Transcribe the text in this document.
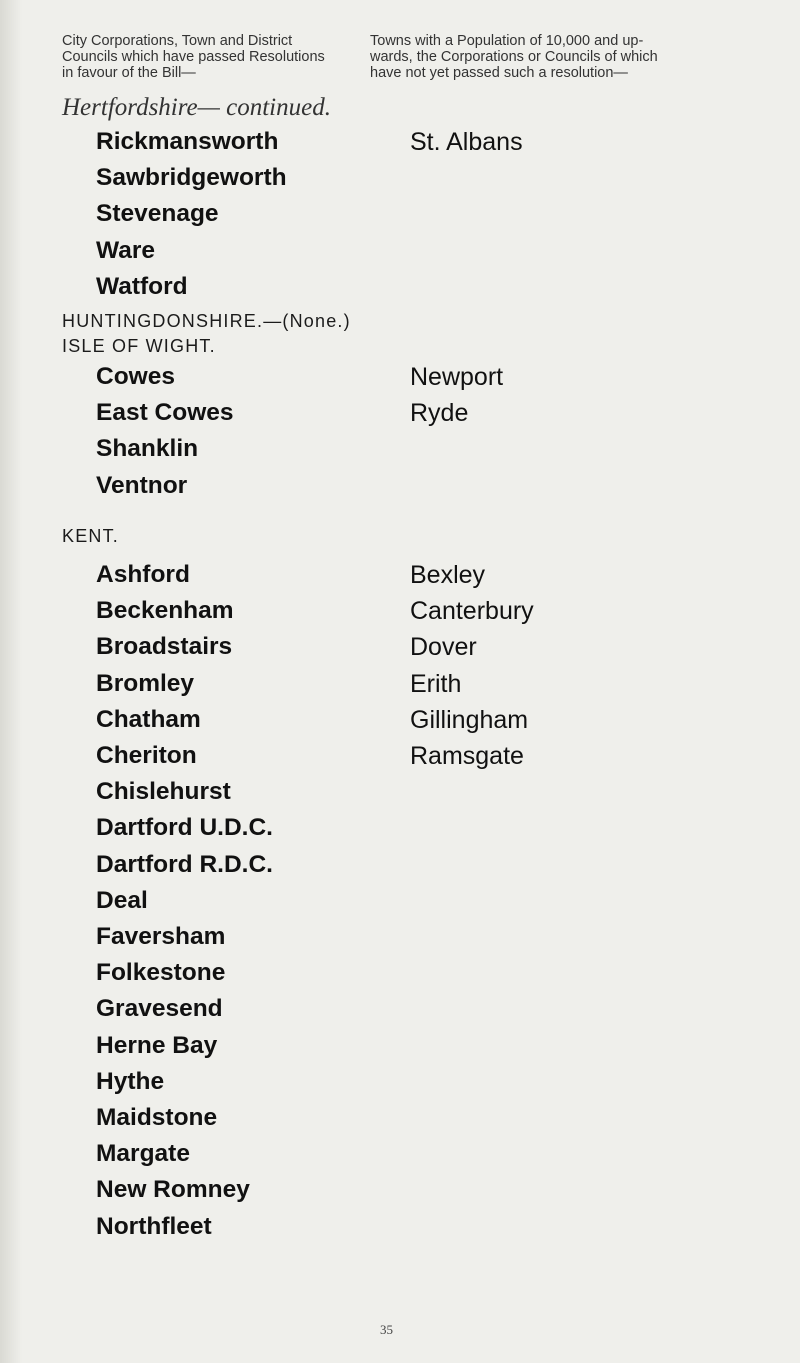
City Corporations, Town and District
Councils which have passed Resolutions
in favour of the Bill—
Towns with a Population of 10,000 and up-
wards, the Corporations or Councils of which
have not yet passed such a resolution—
Hertfordshire— continued.
Rickmansworth
Sawbridgeworth
Stevenage
Ware
Watford
St. Albans
HUNTINGDONSHIRE.—(None.)
ISLE OF WIGHT.
Cowes
East Cowes
Shanklin
Ventnor
Newport
Ryde
KENT.
Ashford
Beckenham
Broadstairs
Bromley
Chatham
Cheriton
Chislehurst
Dartford U.D.C.
Dartford R.D.C.
Deal
Faversham
Folkestone
Gravesend
Herne Bay
Hythe
Maidstone
Margate
New Romney
Northfleet
Bexley
Canterbury
Dover
Erith
Gillingham
Ramsgate
35
